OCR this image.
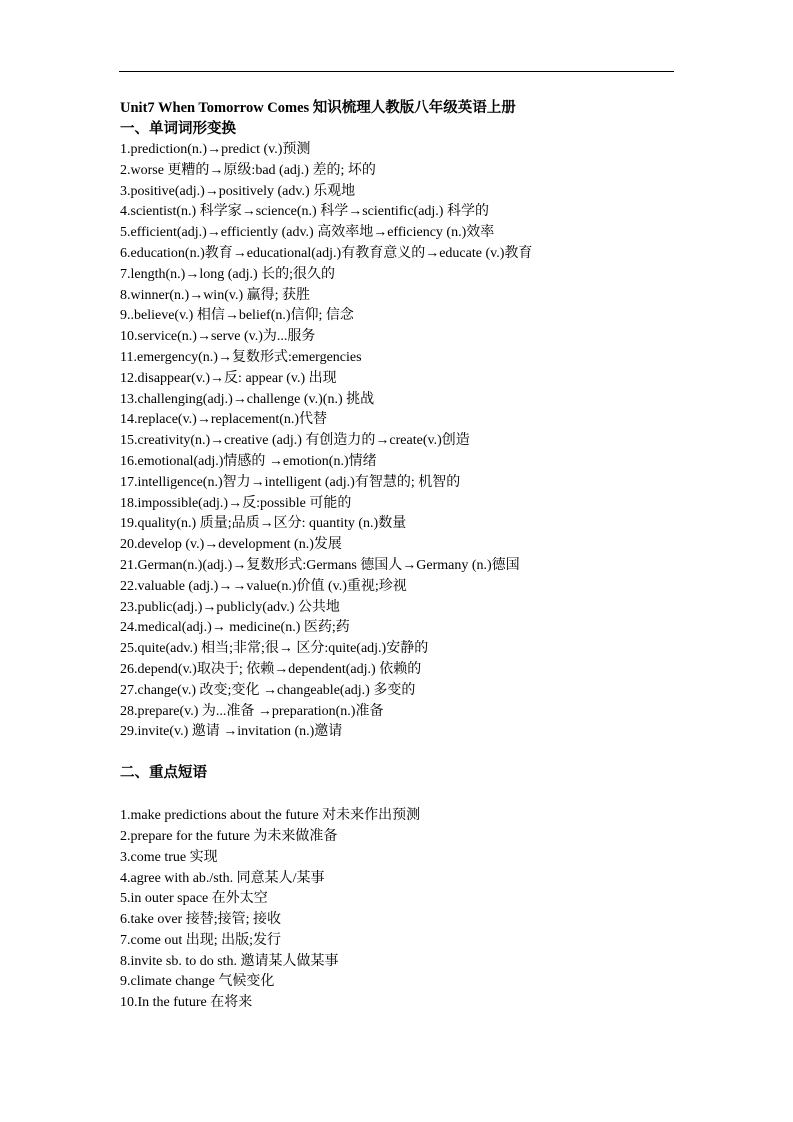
Unit7 When Tomorrow Comes 知识梳理人教版八年级英语上册
一、单词词形变换
1.prediction(n.)→predict (v.)预测
2.worse 更糟的→原级:bad (adj.) 差的; 坏的
3.positive(adj.)→positively (adv.) 乐观地
4.scientist(n.) 科学家→science(n.) 科学→scientific(adj.) 科学的
5.efficient(adj.)→efficiently (adv.) 高效率地→efficiency (n.)效率
6.education(n.)教育→educational(adj.)有教育意义的→educate (v.)教育
7.length(n.)→long (adj.) 长的;很久的
8.winner(n.)→win(v.) 赢得; 获胜
9..believe(v.) 相信→belief(n.)信仰; 信念
10.service(n.)→serve (v.)为...服务
11.emergency(n.)→复数形式:emergencies
12.disappear(v.)→反: appear (v.) 出现
13.challenging(adj.)→challenge (v.)(n.) 挑战
14.replace(v.)→replacement(n.)代替
15.creativity(n.)→creative (adj.) 有创造力的→create(v.)创造
16.emotional(adj.)情感的 →emotion(n.)情绪
17.intelligence(n.)智力→intelligent (adj.)有智慧的; 机智的
18.impossible(adj.)→反:possible 可能的
19.quality(n.) 质量;品质→区分: quantity (n.)数量
20.develop (v.)→development (n.)发展
21.German(n.)(adj.)→复数形式:Germans 德国人→Germany (n.)德国
22.valuable (adj.)→→value(n.)价值 (v.)重视;珍视
23.public(adj.)→publicly(adv.) 公共地
24.medical(adj.)→ medicine(n.) 医药;药
25.quite(adv.) 相当;非常;很→ 区分:quite(adj.)安静的
26.depend(v.)取决于; 依赖→dependent(adj.) 依赖的
27.change(v.) 改变;变化 →changeable(adj.) 多变的
28.prepare(v.) 为...准备 →preparation(n.)准备
29.invite(v.) 邀请 →invitation (n.)邀请
二、重点短语
1.make predictions about the future 对未来作出预测
2.prepare for the future 为未来做准备
3.come true 实现
4.agree with ab./sth. 同意某人/某事
5.in outer space 在外太空
6.take over 接替;接管; 接收
7.come out 出现; 出版;发行
8.invite sb. to do sth. 邀请某人做某事
9.climate change 气候变化
10.In the future 在将来
